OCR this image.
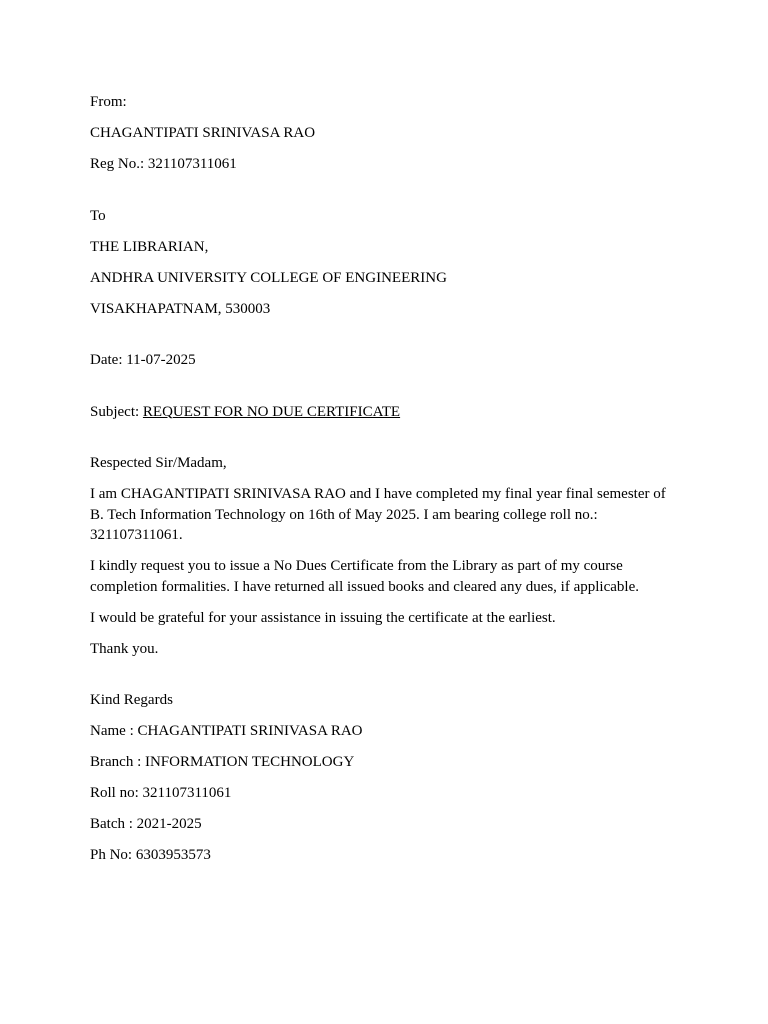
From:
CHAGANTIPATI SRINIVASA RAO
Reg No.: 321107311061
To
THE LIBRARIAN,
ANDHRA UNIVERSITY COLLEGE OF ENGINEERING
VISAKHAPATNAM, 530003
Date: 11-07-2025
Subject: REQUEST FOR NO DUE CERTIFICATE
Respected Sir/Madam,
I am CHAGANTIPATI SRINIVASA RAO and I have completed my final year final semester of B. Tech Information Technology on 16th of May 2025. I am bearing college roll no.: 321107311061.
I kindly request you to issue a No Dues Certificate from the Library as part of my course completion formalities. I have returned all issued books and cleared any dues, if applicable.
I would be grateful for your assistance in issuing the certificate at the earliest.
Thank you.
Kind Regards
Name : CHAGANTIPATI SRINIVASA RAO
Branch : INFORMATION TECHNOLOGY
Roll no: 321107311061
Batch : 2021-2025
Ph No: 6303953573
